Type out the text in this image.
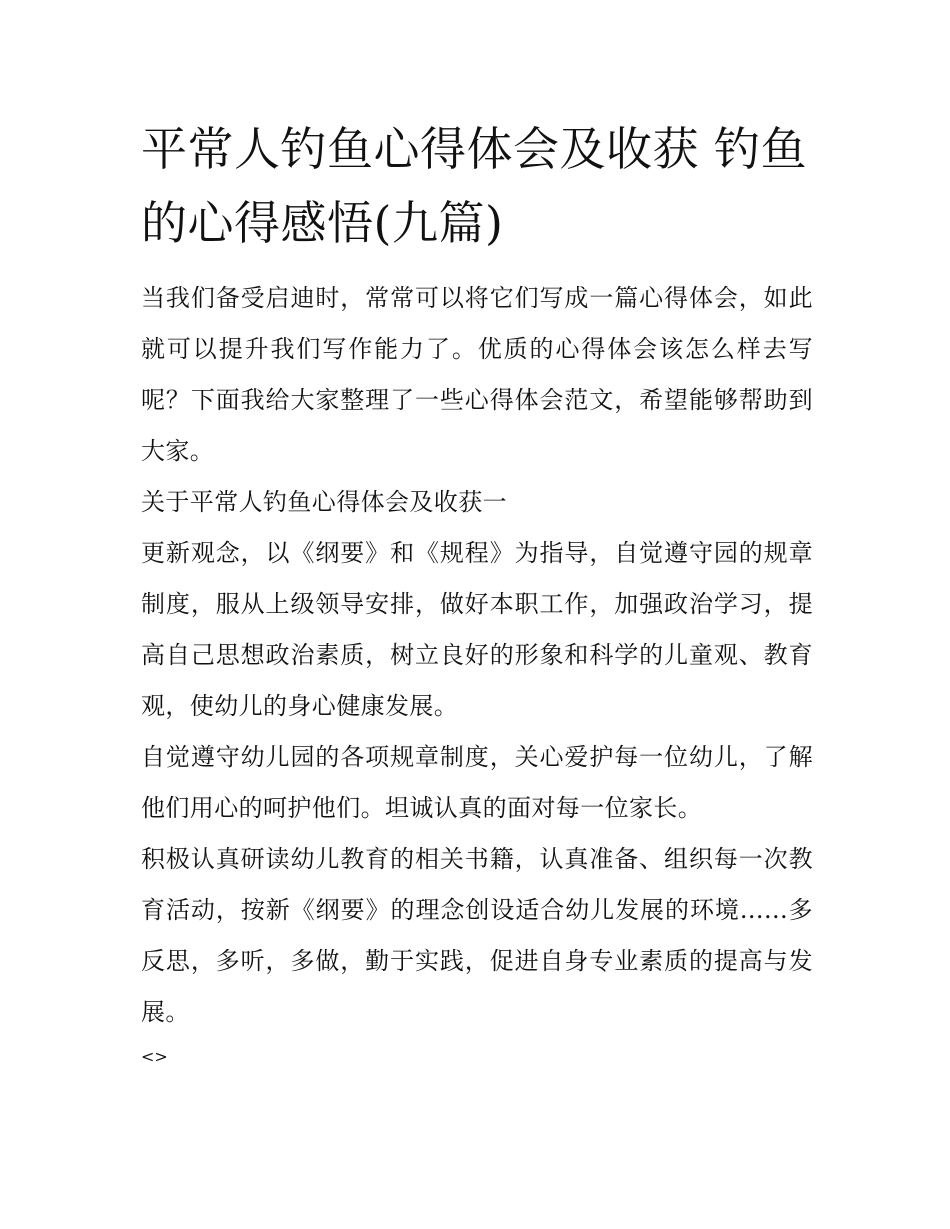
平常人钓鱼心得体会及收获 钓鱼的心得感悟(九篇)

当我们备受启迪时，常常可以将它们写成一篇心得体会，如此就可以提升我们写作能力了。优质的心得体会该怎么样去写呢？下面我给大家整理了一些心得体会范文，希望能够帮助到大家。

关于平常人钓鱼心得体会及收获一

更新观念，以《纲要》和《规程》为指导，自觉遵守园的规章制度，服从上级领导安排，做好本职工作，加强政治学习，提高自己思想政治素质，树立良好的形象和科学的儿童观、教育观，使幼儿的身心健康发展。

自觉遵守幼儿园的各项规章制度，关心爱护每一位幼儿，了解他们用心的呵护他们。坦诚认真的面对每一位家长。

积极认真研读幼儿教育的相关书籍，认真准备、组织每一次教育活动，按新《纲要》的理念创设适合幼儿发展的环境......多反思，多听，多做，勤于实践，促进自身专业素质的提高与发展。

<>
